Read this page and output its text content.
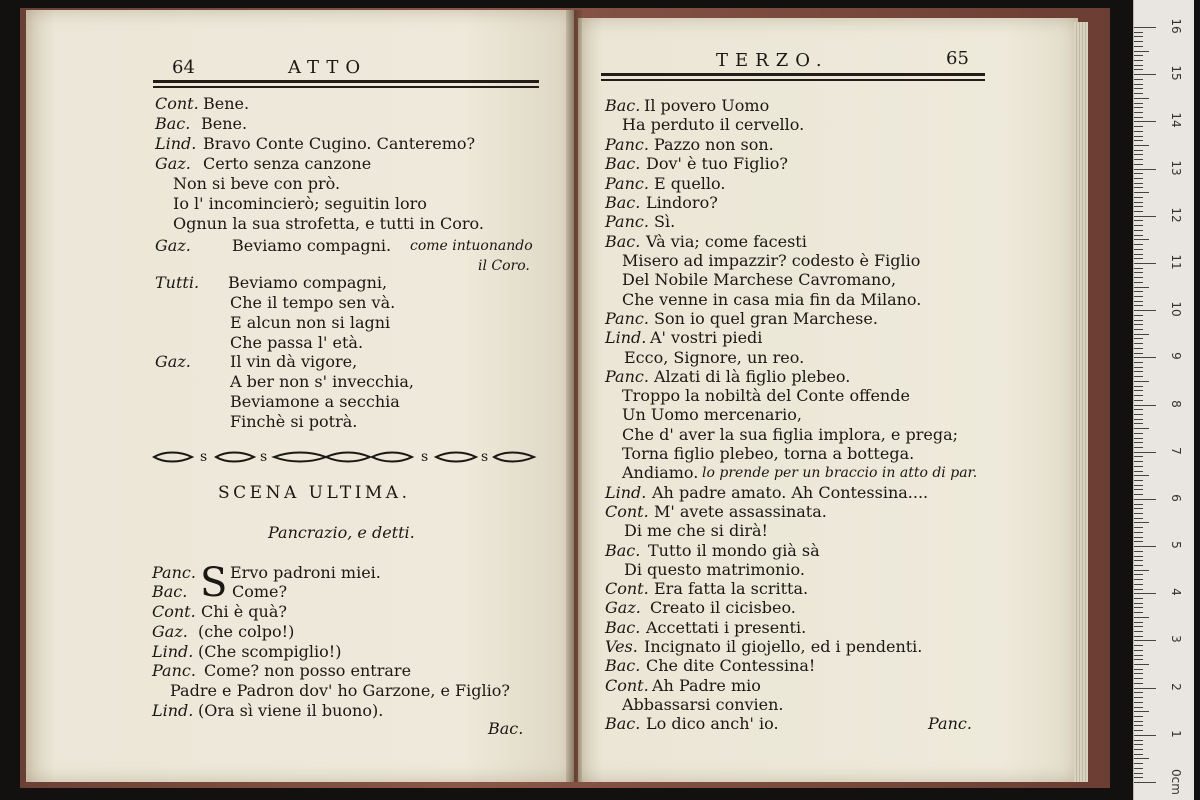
64	ATTO	TERZO.	65
Cont. Bene.
Bac. Bene.
Lind. Bravo Conte Cugino. Canteremo?
Gaz. Certo senza canzone
Non si beve con prò.
Io l' incomincierò; seguitin loro
Ognun la sua strofetta, e tutti in Coro.
Gaz.	Beviamo compagni. come intuonando
il Coro.
Tutti. Beviamo compagni,
Che il tempo sen và.
E alcun non si lagni
Che passa l' età.
Gaz. Il vin dà vigore,
A ber non s' invecchia,
Beviamone a secchia
Finchè si potrà.
s	s	s	s
SCENA ULTIMA.
Pancrazio, e detti.
S
Panc. Ervo padroni miei.
Bac.	Come?
Cont. Chi è quà?
Gaz. (che colpo!)
Lind. (Che scompiglio!)
Panc. Come? non posso entrare
Padre e Padron dov' ho Garzone, e Figlio?
Lind. (Ora sì viene il buono).
Bac.
Bac. Il povero Uomo
Ha perduto il cervello.
Panc. Pazzo non son.
Bac. Dov' è tuo Figlio?
Panc. E quello.
Bac. Lindoro?
Panc. Sì.
Bac. Và via; come facesti
Misero ad impazzir? codesto è Figlio
Del Nobile Marchese Cavromano,
Che venne in casa mia fin da Milano.
Panc. Son io quel gran Marchese.
Lind. A' vostri piedi
Ecco, Signore, un reo.
Panc. Alzati di là figlio plebeo.
Troppo la nobiltà del Conte offende
Un Uomo mercenario,
Che d' aver la sua figlia implora, e prega;
Torna figlio plebeo, torna a bottega.
Andiamo. lo prende per un braccio in atto di par.
Lind. Ah padre amato. Ah Contessina....
Cont. M' avete assassinata.
Di me che si dirà!
Bac. Tutto il mondo già sà
Di questo matrimonio.
Cont. Era fatta la scritta.
Gaz. Creato il cicisbeo.
Bac. Accettati i presenti.
Ves. Incignato il giojello, ed i pendenti.
Bac. Che dite Contessina!
Cont. Ah Padre mio
Abbassarsi convien.
Bac. Lo dico anch' io.	Panc.
16
15
14
13
12
11
10
9
8
7
6
5
4
3
2
1
0cm
